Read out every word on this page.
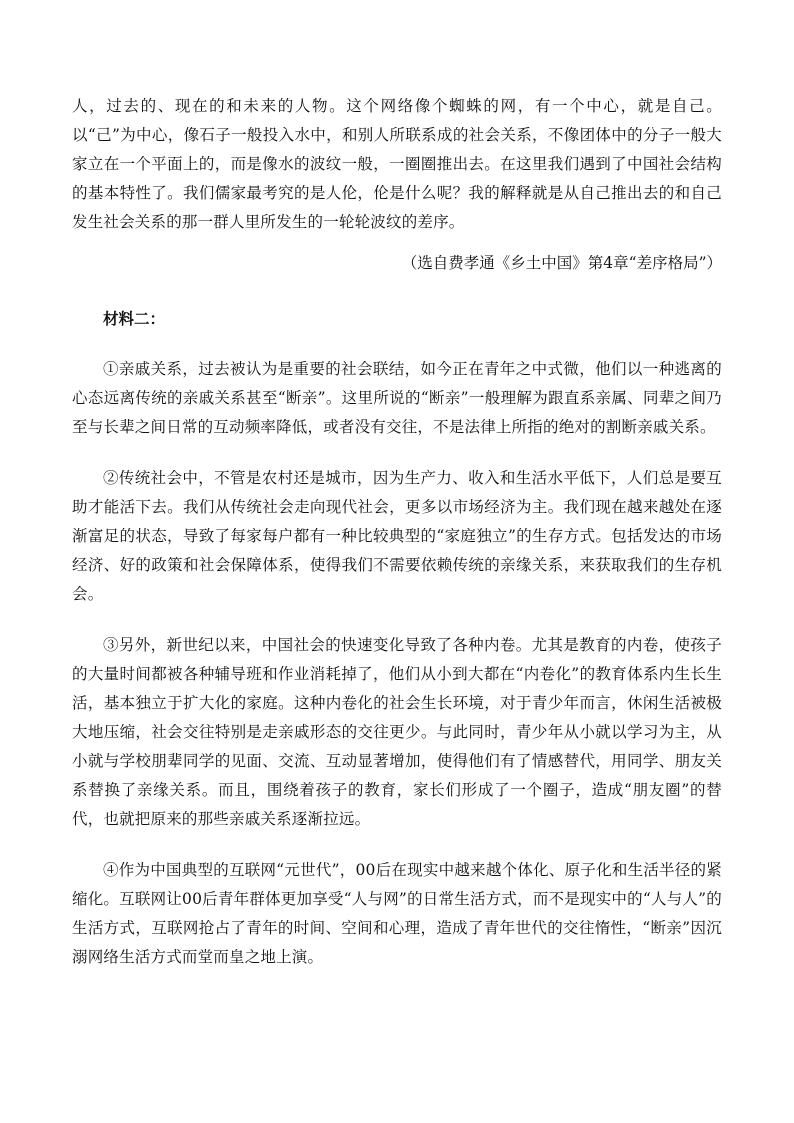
人，过去的、现在的和未来的人物。这个网络像个蜘蛛的网，有一个中心，就是自己。以“己”为中心，像石子一般投入水中，和别人所联系成的社会关系，不像团体中的分子一般大家立在一个平面上的，而是像水的波纹一般，一圈圈推出去。在这里我们遇到了中国社会结构的基本特性了。我们儒家最考究的是人伦，伦是什么呢？我的解释就是从自己推出去的和自己发生社会关系的那一群人里所发生的一轮轮波纹的差序。

（选自费孝通《乡土中国》第4章“差序格局”）

材料二：

①亲戚关系，过去被认为是重要的社会联结，如今正在青年之中式微，他们以一种逃离的心态远离传统的亲戚关系甚至“断亲”。这里所说的“断亲”一般理解为跟直系亲属、同辈之间乃至与长辈之间日常的互动频率降低，或者没有交往，不是法律上所指的绝对的割断亲戚关系。

②传统社会中，不管是农村还是城市，因为生产力、收入和生活水平低下，人们总是要互助才能活下去。我们从传统社会走向现代社会，更多以市场经济为主。我们现在越来越处在逐渐富足的状态，导致了每家每户都有一种比较典型的“家庭独立”的生存方式。包括发达的市场经济、好的政策和社会保障体系，使得我们不需要依赖传统的亲缘关系，来获取我们的生存机会。

③另外，新世纪以来，中国社会的快速变化导致了各种内卷。尤其是教育的内卷，使孩子的大量时间都被各种辅导班和作业消耗掉了，他们从小到大都在“内卷化”的教育体系内生长生活，基本独立于扩大化的家庭。这种内卷化的社会生长环境，对于青少年而言，休闲生活被极大地压缩，社会交往特别是走亲戚形态的交往更少。与此同时，青少年从小就以学习为主，从小就与学校朋辈同学的见面、交流、互动显著增加，使得他们有了情感替代，用同学、朋友关系替换了亲缘关系。而且，围绕着孩子的教育，家长们形成了一个圈子，造成“朋友圈”的替代，也就把原来的那些亲戚关系逐渐拉远。

④作为中国典型的互联网“元世代”，00后在现实中越来越个体化、原子化和生活半径的紧缩化。互联网让00后青年群体更加享受“人与网”的日常生活方式，而不是现实中的“人与人”的生活方式，互联网抢占了青年的时间、空间和心理，造成了青年世代的交往惰性，“断亲”因沉溺网络生活方式而堂而皇之地上演。
